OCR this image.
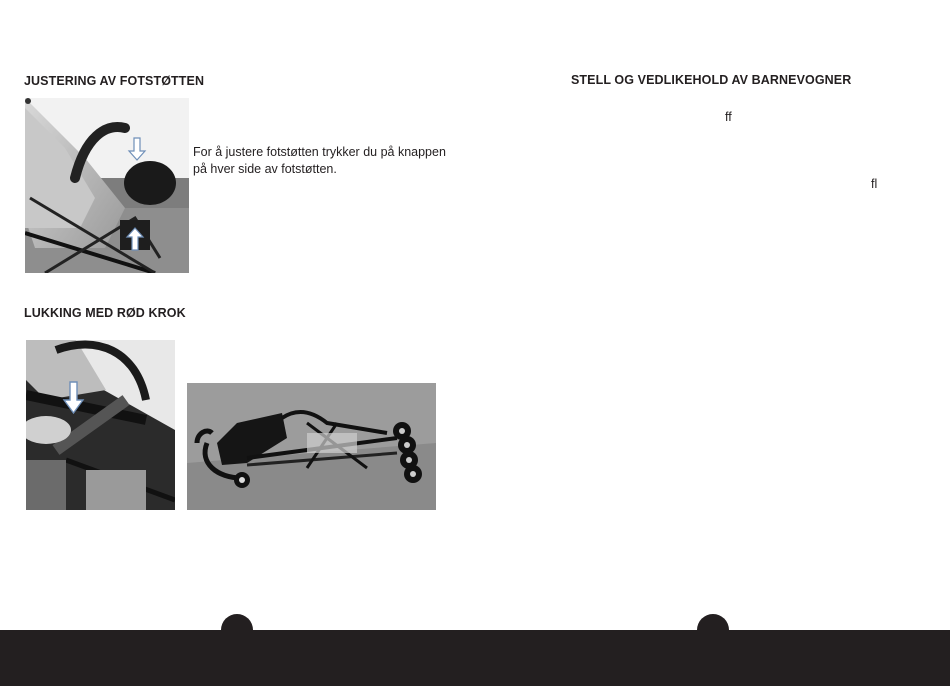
JUSTERING AV FOTSTØTTEN

For å justere fotstøtten trykker du på knappen
på hver side av fotstøtten.

LUKKING MED RØD KROK
STELL OG VEDLIKEHOLD AV BARNEVOGNER
ff
fl
